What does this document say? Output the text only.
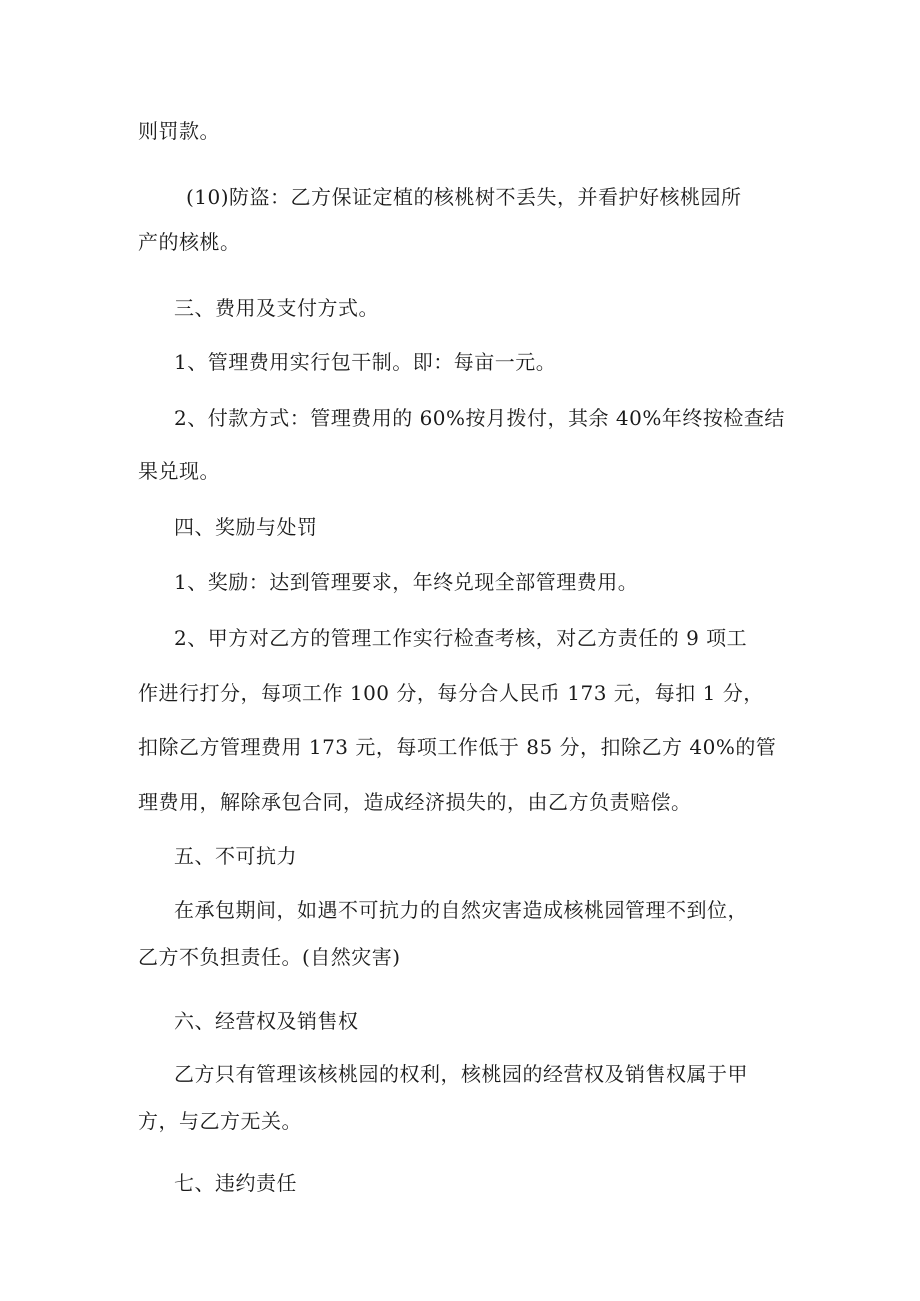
则罚款。
(10)防盗：乙方保证定植的核桃树不丢失，并看护好核桃园所
产的核桃。
三、费用及支付方式。
1、管理费用实行包干制。即：每亩一元。
2、付款方式：管理费用的 60%按月拨付，其余 40%年终按检查结
果兑现。
四、奖励与处罚
1、奖励：达到管理要求，年终兑现全部管理费用。
2、甲方对乙方的管理工作实行检查考核，对乙方责任的 9 项工
作进行打分，每项工作 100 分，每分合人民币 173 元，每扣 1 分，
扣除乙方管理费用 173 元，每项工作低于 85 分，扣除乙方 40%的管
理费用，解除承包合同，造成经济损失的，由乙方负责赔偿。
五、不可抗力
在承包期间，如遇不可抗力的自然灾害造成核桃园管理不到位，
乙方不负担责任。(自然灾害)
六、经营权及销售权
乙方只有管理该核桃园的权利，核桃园的经营权及销售权属于甲
方，与乙方无关。
七、违约责任
